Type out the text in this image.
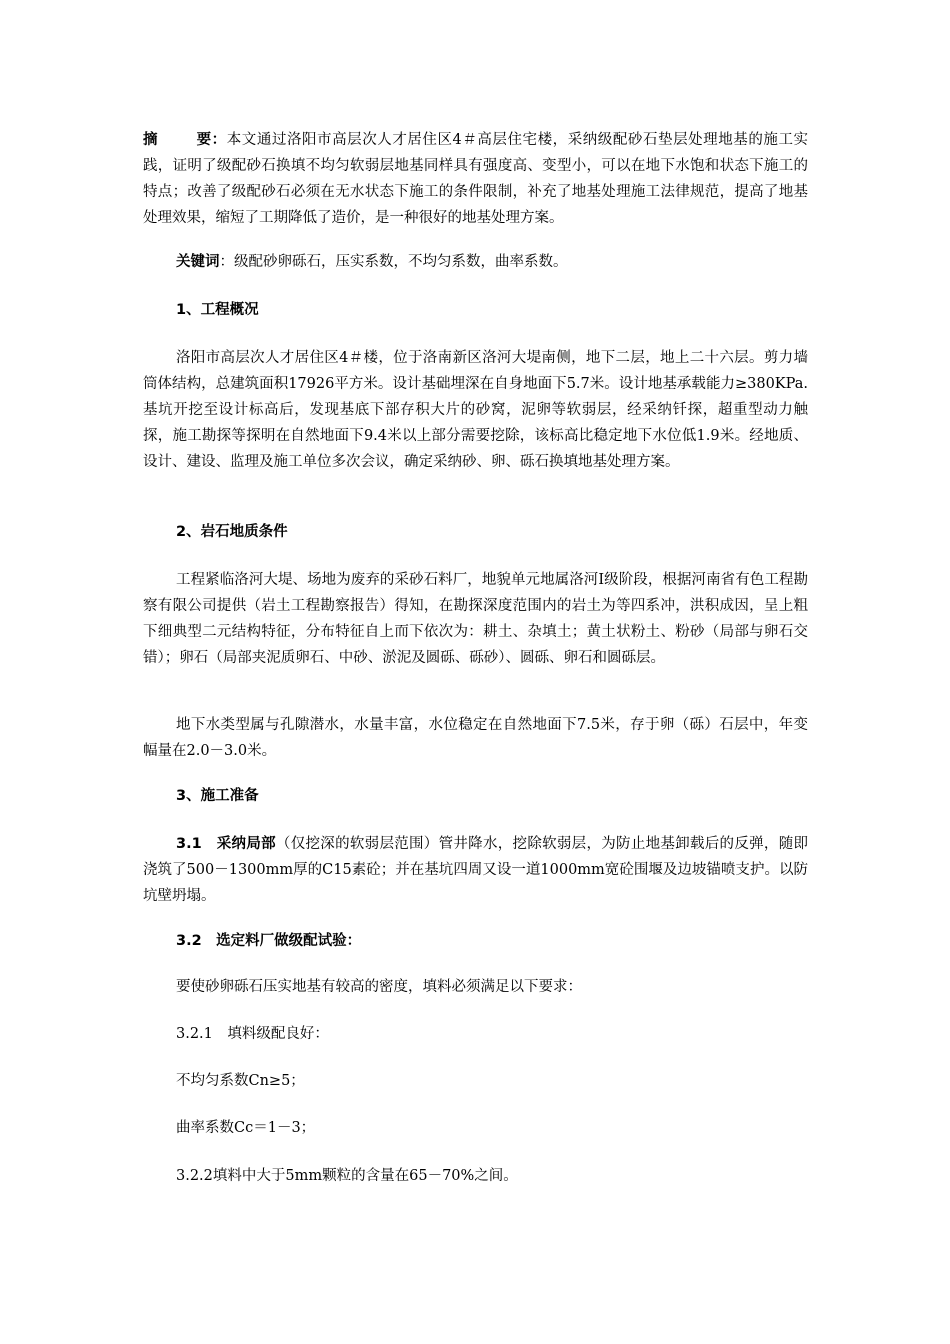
摘	要：本文通过洛阳市高层次人才居住区4＃高层住宅楼，采纳级配砂石垫层处理地基的施工实践，证明了级配砂石换填不均匀软弱层地基同样具有强度高、变型小，可以在地下水饱和状态下施工的特点；改善了级配砂石必须在无水状态下施工的条件限制，补充了地基处理施工法律规范，提高了地基处理效果，缩短了工期降低了造价，是一种很好的地基处理方案。

关键词：级配砂卵砾石，压实系数，不均匀系数，曲率系数。

1、工程概况

洛阳市高层次人才居住区4＃楼，位于洛南新区洛河大堤南侧，地下二层，地上二十六层。剪力墙筒体结构，总建筑面积17926平方米。设计基础埋深在自身地面下5.7米。设计地基承载能力≥380KPa.基坑开挖至设计标高后，发现基底下部存积大片的砂窝，泥卵等软弱层，经采纳钎探，超重型动力触探，施工勘探等探明在自然地面下9.4米以上部分需要挖除，该标高比稳定地下水位低1.9米。经地质、设计、建设、监理及施工单位多次会议，确定采纳砂、卵、砾石换填地基处理方案。

2、岩石地质条件

工程紧临洛河大堤、场地为废弃的采砂石料厂，地貌单元地属洛河Ⅰ级阶段，根据河南省有色工程勘察有限公司提供（岩土工程勘察报告）得知，在勘探深度范围内的岩土为等四系冲，洪积成因，呈上粗下细典型二元结构特征，分布特征自上而下依次为：耕土、杂填土；黄土状粉土、粉砂（局部与卵石交错）；卵石（局部夹泥质卵石、中砂、淤泥及圆砾、砾砂）、圆砾、卵石和圆砾层。

地下水类型属与孔隙潜水，水量丰富，水位稳定在自然地面下7.5米，存于卵（砾）石层中，年变幅量在2.0－3.0米。

3、施工准备

3.1　采纳局部（仅挖深的软弱层范围）管井降水，挖除软弱层，为防止地基卸载后的反弹，随即浇筑了500－1300mm厚的C15素砼；并在基坑四周又设一道1000mm宽砼围堰及边坡锚喷支护。以防坑壁坍塌。

3.2　选定料厂做级配试验：

要使砂卵砾石压实地基有较高的密度，填料必须满足以下要求：

3.2.1　填料级配良好：

不均匀系数Cn≥5；

曲率系数Cc＝1－3；

3.2.2填料中大于5mm颗粒的含量在65－70%之间。
